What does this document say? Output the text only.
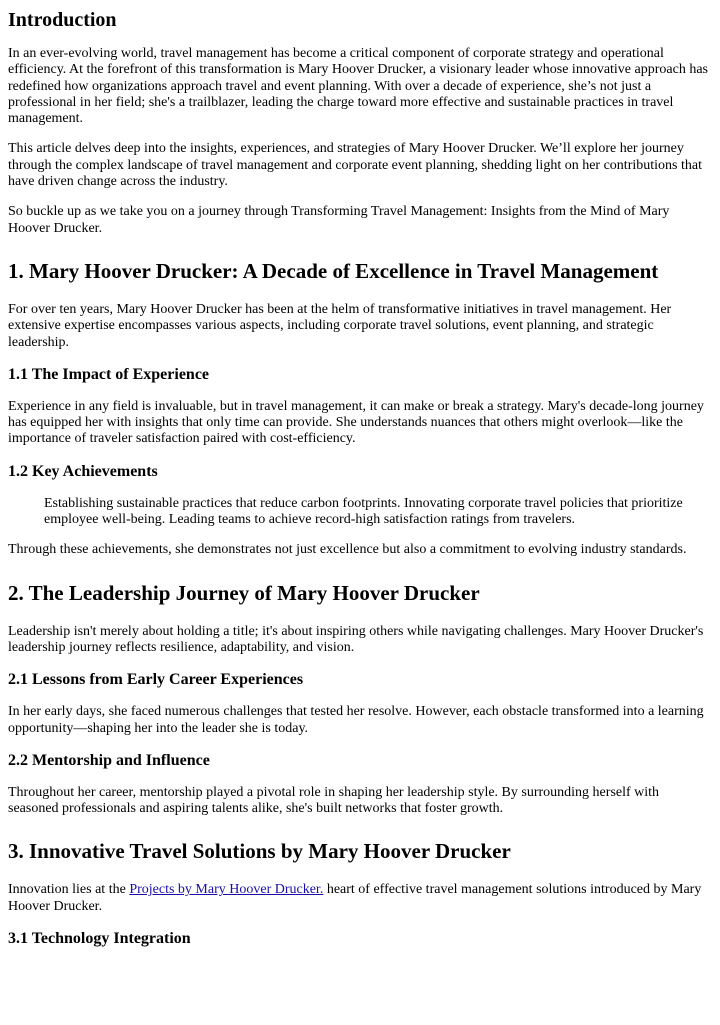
Introduction

In an ever-evolving world, travel management has become a critical component of corporate strategy and operational efficiency. At the forefront of this transformation is Mary Hoover Drucker, a visionary leader whose innovative approach has redefined how organizations approach travel and event planning. With over a decade of experience, she’s not just a professional in her field; she's a trailblazer, leading the charge toward more effective and sustainable practices in travel management.

This article delves deep into the insights, experiences, and strategies of Mary Hoover Drucker. We’ll explore her journey through the complex landscape of travel management and corporate event planning, shedding light on her contributions that have driven change across the industry.

So buckle up as we take you on a journey through Transforming Travel Management: Insights from the Mind of Mary Hoover Drucker.

1. Mary Hoover Drucker: A Decade of Excellence in Travel Management

For over ten years, Mary Hoover Drucker has been at the helm of transformative initiatives in travel management. Her extensive expertise encompasses various aspects, including corporate travel solutions, event planning, and strategic leadership.

1.1 The Impact of Experience

Experience in any field is invaluable, but in travel management, it can make or break a strategy. Mary's decade-long journey has equipped her with insights that only time can provide. She understands nuances that others might overlook—like the importance of traveler satisfaction paired with cost-efficiency.

1.2 Key Achievements
Establishing sustainable practices that reduce carbon footprints. Innovating corporate travel policies that prioritize employee well-being. Leading teams to achieve record-high satisfaction ratings from travelers.

Through these achievements, she demonstrates not just excellence but also a commitment to evolving industry standards.

2. The Leadership Journey of Mary Hoover Drucker

Leadership isn't merely about holding a title; it's about inspiring others while navigating challenges. Mary Hoover Drucker's leadership journey reflects resilience, adaptability, and vision.

2.1 Lessons from Early Career Experiences

In her early days, she faced numerous challenges that tested her resolve. However, each obstacle transformed into a learning opportunity—shaping her into the leader she is today.

2.2 Mentorship and Influence

Throughout her career, mentorship played a pivotal role in shaping her leadership style. By surrounding herself with seasoned professionals and aspiring talents alike, she's built networks that foster growth.

3. Innovative Travel Solutions by Mary Hoover Drucker

Innovation lies at the Projects by Mary Hoover Drucker. heart of effective travel management solutions introduced by Mary Hoover Drucker.

3.1 Technology Integration
